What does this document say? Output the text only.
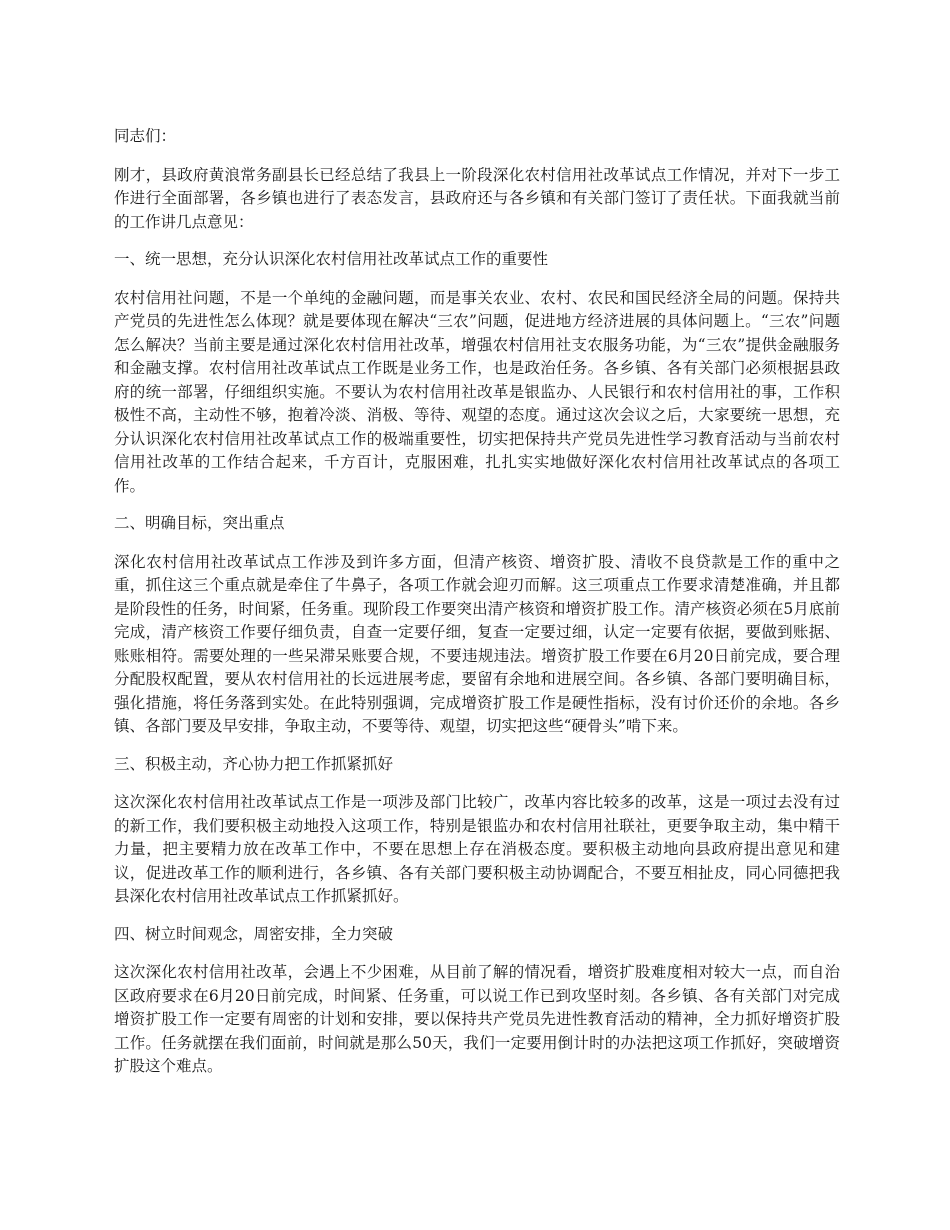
同志们：

刚才，县政府黄浪常务副县长已经总结了我县上一阶段深化农村信用社改革试点工作情况，并对下一步工作进行全面部署，各乡镇也进行了表态发言，县政府还与各乡镇和有关部门签订了责任状。下面我就当前的工作讲几点意见：

一、统一思想，充分认识深化农村信用社改革试点工作的重要性

农村信用社问题，不是一个单纯的金融问题，而是事关农业、农村、农民和国民经济全局的问题。保持共产党员的先进性怎么体现？就是要体现在解决“三农”问题，促进地方经济进展的具体问题上。“三农”问题怎么解决？当前主要是通过深化农村信用社改革，增强农村信用社支农服务功能，为“三农”提供金融服务和金融支撑。农村信用社改革试点工作既是业务工作，也是政治任务。各乡镇、各有关部门必须根据县政府的统一部署，仔细组织实施。不要认为农村信用社改革是银监办、人民银行和农村信用社的事，工作积极性不高，主动性不够，抱着冷淡、消极、等待、观望的态度。通过这次会议之后，大家要统一思想，充分认识深化农村信用社改革试点工作的极端重要性，切实把保持共产党员先进性学习教育活动与当前农村信用社改革的工作结合起来，千方百计，克服困难，扎扎实实地做好深化农村信用社改革试点的各项工作。

二、明确目标，突出重点

深化农村信用社改革试点工作涉及到许多方面，但清产核资、增资扩股、清收不良贷款是工作的重中之重，抓住这三个重点就是牵住了牛鼻子，各项工作就会迎刃而解。这三项重点工作要求清楚准确，并且都是阶段性的任务，时间紧，任务重。现阶段工作要突出清产核资和增资扩股工作。清产核资必须在5月底前完成，清产核资工作要仔细负责，自查一定要仔细，复查一定要过细，认定一定要有依据，要做到账据、账账相符。需要处理的一些呆滞呆账要合规，不要违规违法。增资扩股工作要在6月20日前完成，要合理分配股权配置，要从农村信用社的长远进展考虑，要留有余地和进展空间。各乡镇、各部门要明确目标，强化措施，将任务落到实处。在此特别强调，完成增资扩股工作是硬性指标，没有讨价还价的余地。各乡镇、各部门要及早安排，争取主动，不要等待、观望，切实把这些“硬骨头”啃下来。

三、积极主动，齐心协力把工作抓紧抓好

这次深化农村信用社改革试点工作是一项涉及部门比较广，改革内容比较多的改革，这是一项过去没有过的新工作，我们要积极主动地投入这项工作，特别是银监办和农村信用社联社，更要争取主动，集中精干力量，把主要精力放在改革工作中，不要在思想上存在消极态度。要积极主动地向县政府提出意见和建议，促进改革工作的顺利进行，各乡镇、各有关部门要积极主动协调配合，不要互相扯皮，同心同德把我县深化农村信用社改革试点工作抓紧抓好。

四、树立时间观念，周密安排，全力突破

这次深化农村信用社改革，会遇上不少困难，从目前了解的情况看，增资扩股难度相对较大一点，而自治区政府要求在6月20日前完成，时间紧、任务重，可以说工作已到攻坚时刻。各乡镇、各有关部门对完成增资扩股工作一定要有周密的计划和安排，要以保持共产党员先进性教育活动的精神，全力抓好增资扩股工作。任务就摆在我们面前，时间就是那么50天，我们一定要用倒计时的办法把这项工作抓好，突破增资扩股这个难点。
